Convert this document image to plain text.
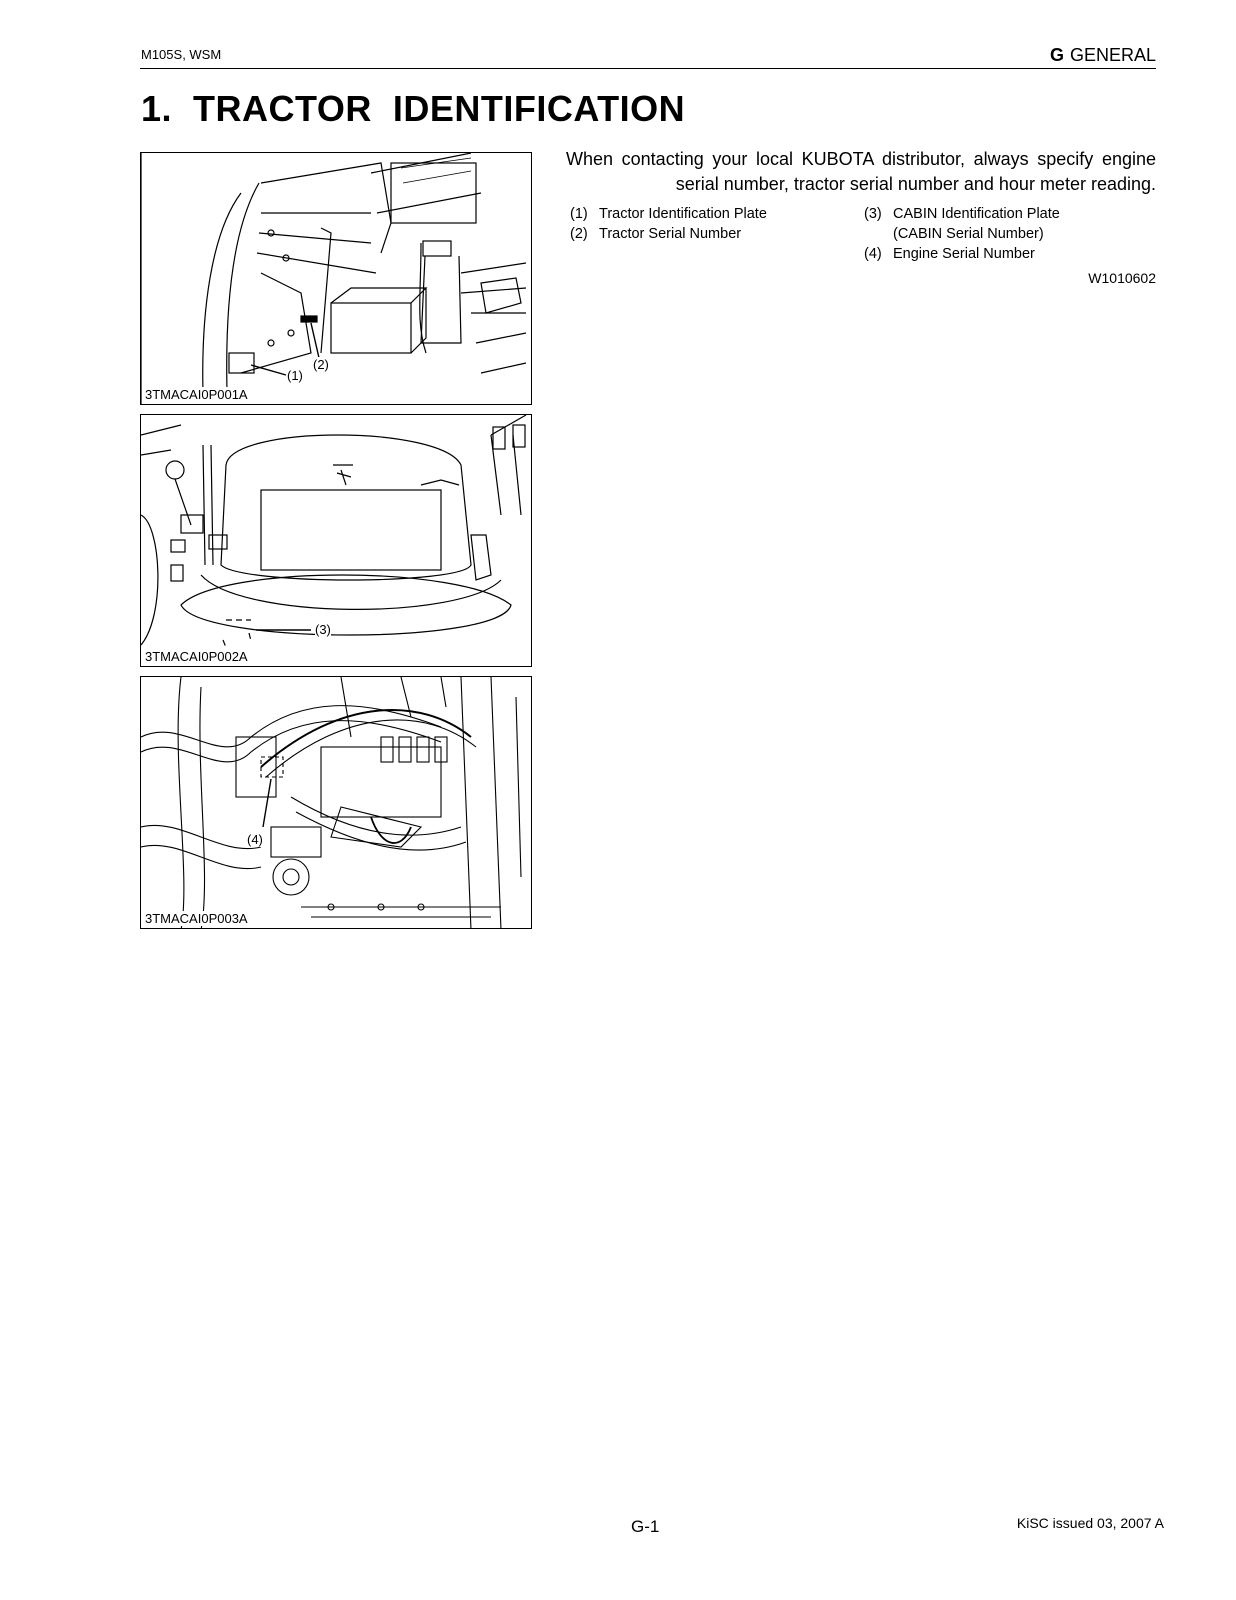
M105S, WSM	G GENERAL
1.  TRACTOR  IDENTIFICATION
(1)
(2)
3TMACAI0P001A
(3)
3TMACAI0P002A
(4)
3TMACAI0P003A

When contacting your local KUBOTA distributor, always specify engine serial number, tractor serial number and hour meter reading.

(1) Tractor Identification Plate
(2) Tractor Serial Number
(3) CABIN Identification Plate
(CABIN Serial Number)
(4) Engine Serial Number
W1010602
G-1	KiSC issued 03, 2007 A
